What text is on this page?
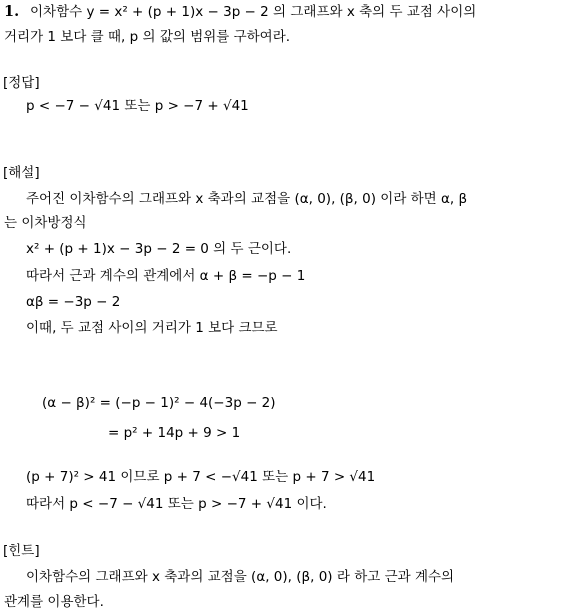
1. 이차함수 y = x² + (p + 1)x − 3p − 2 의 그래프와 x 축의 두 교점 사이의
거리가 1 보다 클 때, p 의 값의 범위를 구하여라.
[정답]
p < −7 − √41 또는 p > −7 + √41
[해설]
주어진 이차함수의 그래프와 x 축과의 교점을 (α, 0), (β, 0) 이라 하면 α, β
는 이차방정식
x² + (p + 1)x − 3p − 2 = 0 의 두 근이다.
따라서 근과 계수의 관계에서 α + β = −p − 1
αβ = −3p − 2
이때, 두 교점 사이의 거리가 1 보다 크므로
(α − β)² = (−p − 1)² − 4(−3p − 2)
= p² + 14p + 9 > 1
(p + 7)² > 41 이므로 p + 7 < −√41 또는 p + 7 > √41
따라서 p < −7 − √41 또는 p > −7 + √41 이다.
[힌트]
이차함수의 그래프와 x 축과의 교점을 (α, 0), (β, 0) 라 하고 근과 계수의
관계를 이용한다.
